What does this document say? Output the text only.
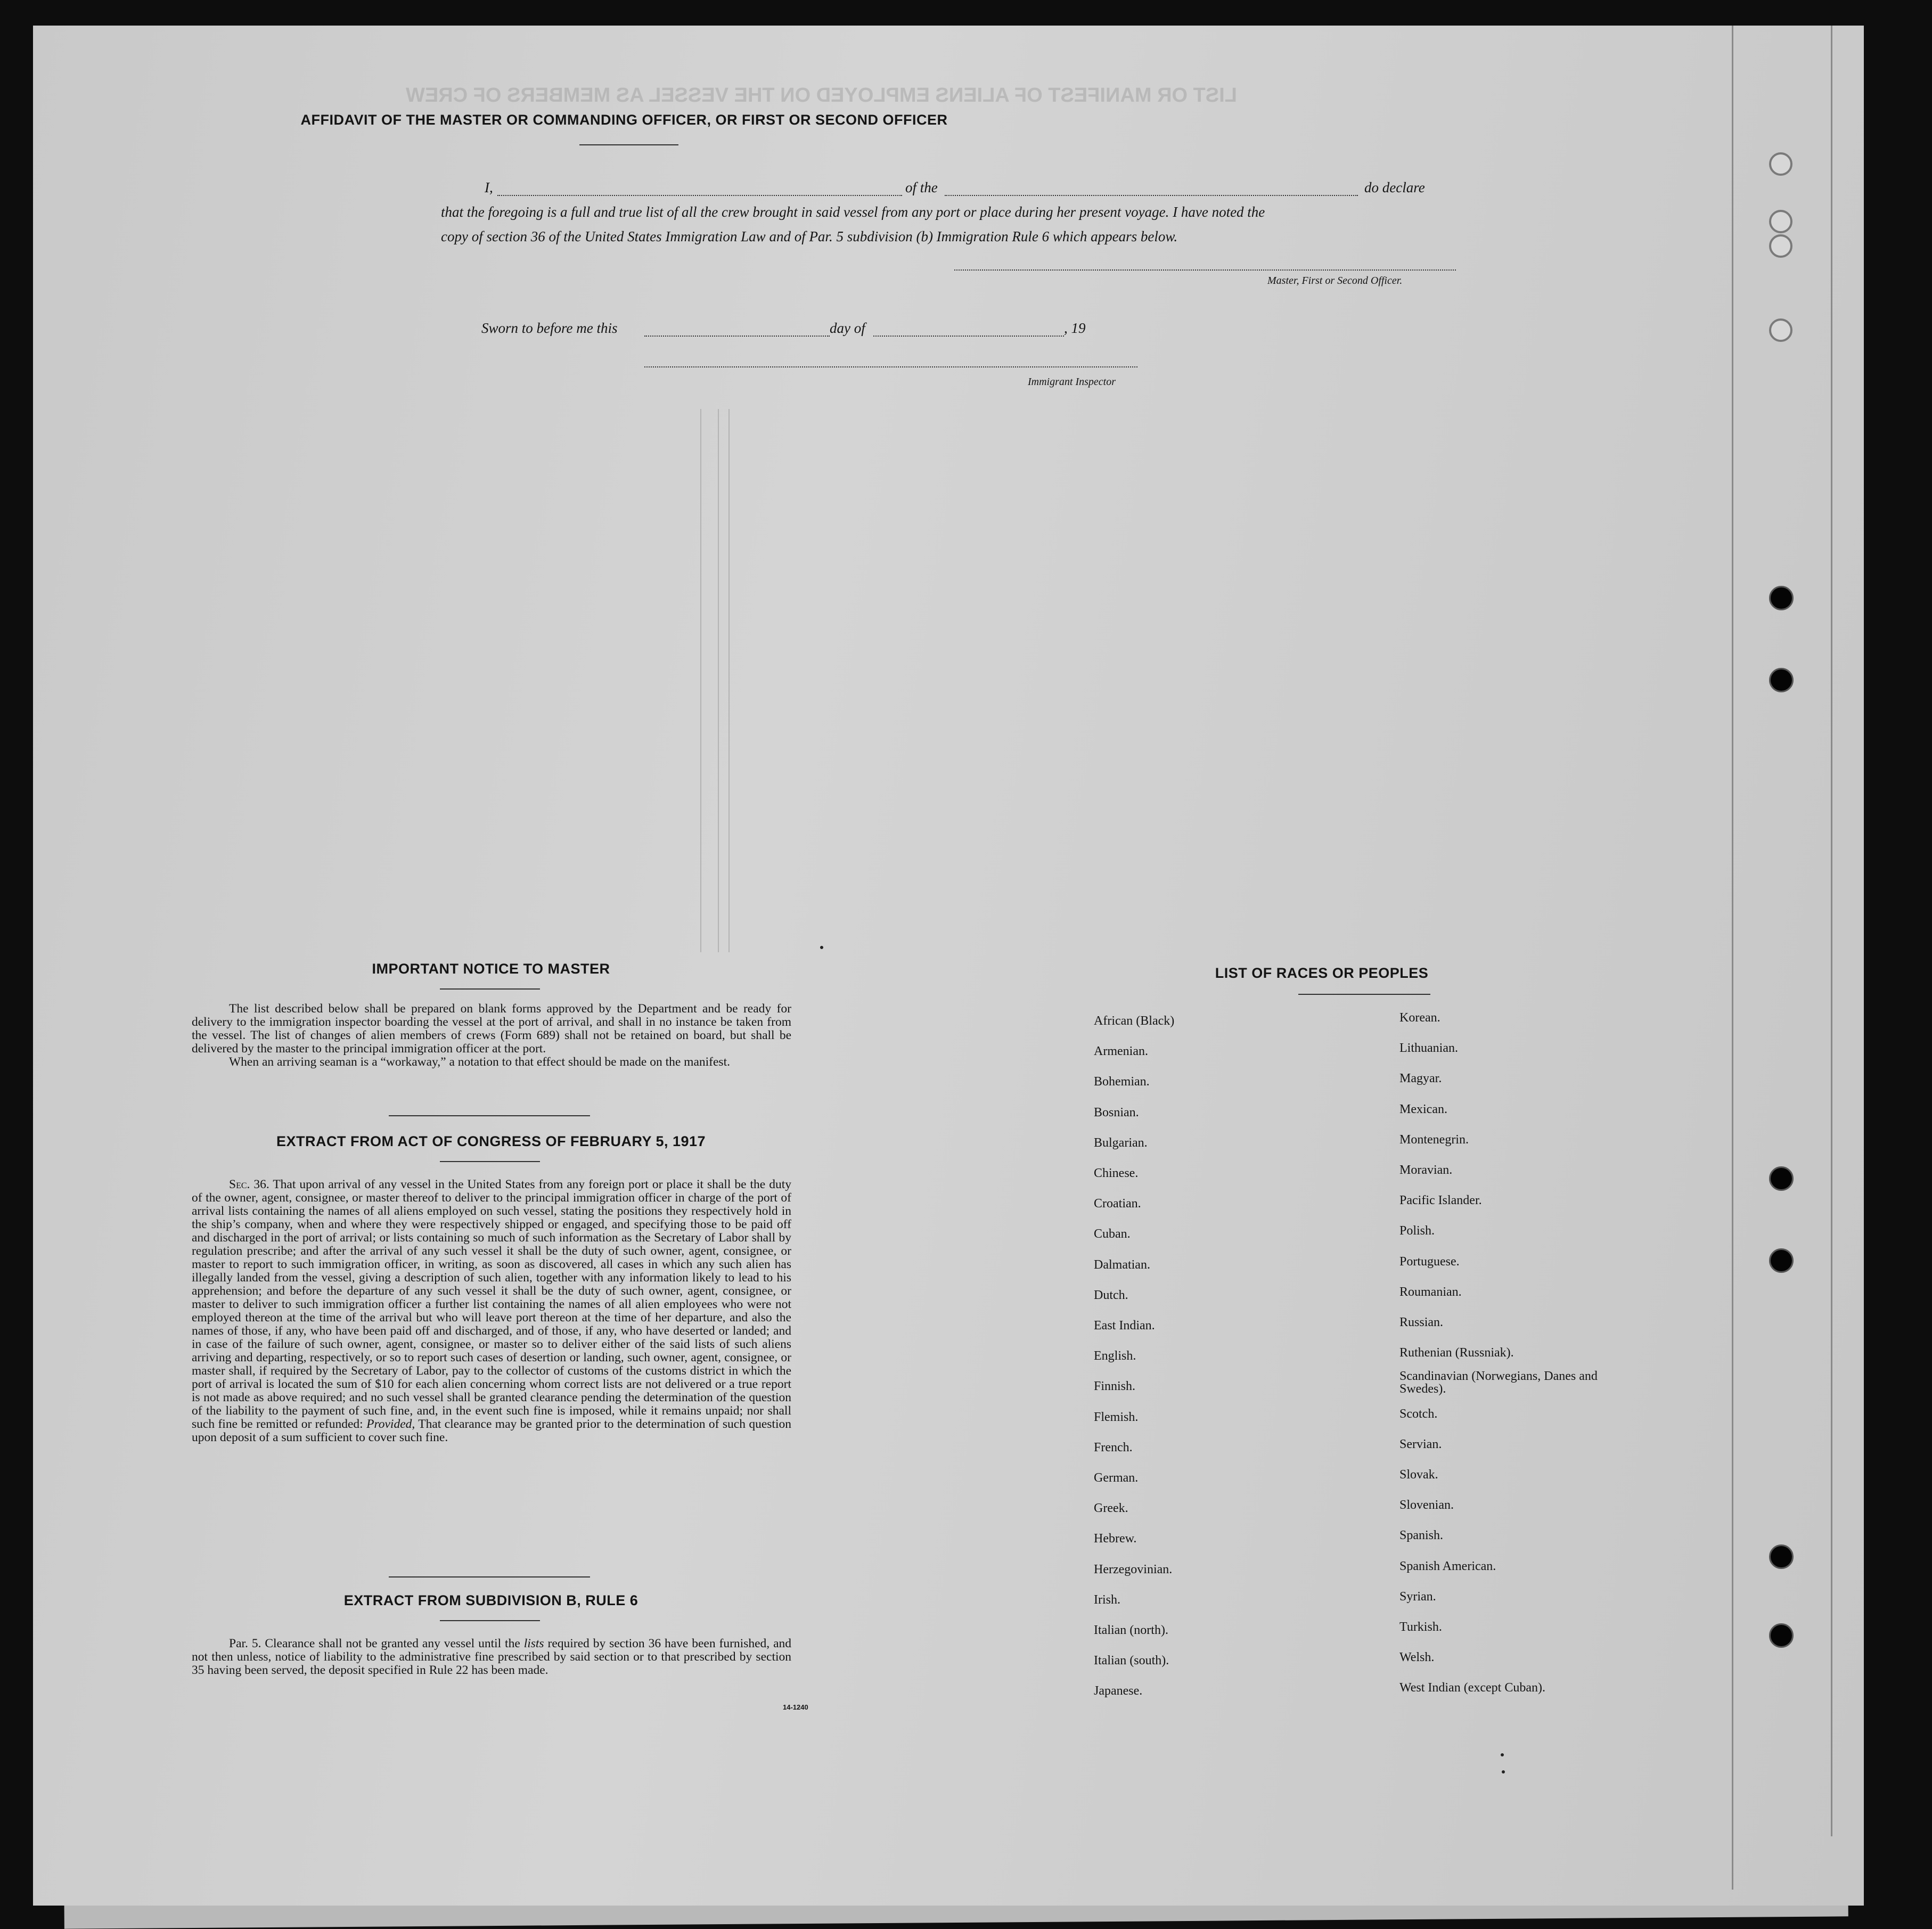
LIST OR MANIFEST OF ALIENS EMPLOYED ON THE VESSEL AS MEMBERS OF CREW
AFFIDAVIT OF THE MASTER OR COMMANDING OFFICER, OR FIRST OR SECOND OFFICER
I,	of the	do declare
that the foregoing is a full and true list of all the crew brought in said vessel from any port or place during her present voyage. I have noted the
copy of section 36 of the United States Immigration Law and of Par. 5 subdivision (b) Immigration Rule 6 which appears below.
Master, First or Second Officer.
Sworn to before me this	day of	, 19
Immigrant Inspector
IMPORTANT NOTICE TO MASTER
The list described below shall be prepared on blank forms approved by the Department and be ready for delivery to the immigration inspector boarding the vessel at the port of arrival, and shall in no instance be taken from the vessel. The list of changes of alien members of crews (Form 689) shall not be retained on board, but shall be delivered by the master to the principal immigration officer at the port.
When an arriving seaman is a “workaway,” a notation to that effect should be made on the manifest.
EXTRACT FROM ACT OF CONGRESS OF FEBRUARY 5, 1917
Sec. 36. That upon arrival of any vessel in the United States from any foreign port or place it shall be the duty of the owner, agent, consignee, or master thereof to deliver to the principal immigration officer in charge of the port of arrival lists containing the names of all aliens employed on such vessel, stating the positions they respectively hold in the ship’s company, when and where they were respectively shipped or engaged, and specifying those to be paid off and discharged in the port of arrival; or lists containing so much of such information as the Secretary of Labor shall by regulation prescribe; and after the arrival of any such vessel it shall be the duty of such owner, agent, consignee, or master to report to such immigration officer, in writing, as soon as discovered, all cases in which any such alien has illegally landed from the vessel, giving a description of such alien, together with any information likely to lead to his apprehension; and before the departure of any such vessel it shall be the duty of such owner, agent, consignee, or master to deliver to such immigration officer a further list containing the names of all alien employees who were not employed thereon at the time of the arrival but who will leave port thereon at the time of her departure, and also the names of those, if any, who have been paid off and discharged, and of those, if any, who have deserted or landed; and in case of the failure of such owner, agent, consignee, or master so to deliver either of the said lists of such aliens arriving and departing, respectively, or so to report such cases of desertion or landing, such owner, agent, consignee, or master shall, if required by the Secretary of Labor, pay to the collector of customs of the customs district in which the port of arrival is located the sum of $10 for each alien concerning whom correct lists are not delivered or a true report is not made as above required; and no such vessel shall be granted clearance pending the determination of the question of the liability to the payment of such fine, and, in the event such fine is imposed, while it remains unpaid; nor shall such fine be remitted or refunded: Provided, That clearance may be granted prior to the determination of such question upon deposit of a sum sufficient to cover such fine.
EXTRACT FROM SUBDIVISION B, RULE 6
Par. 5. Clearance shall not be granted any vessel until the lists required by section 36 have been furnished, and not then unless, notice of liability to the administrative fine prescribed by said section or to that prescribed by section 35 having been served, the deposit specified in Rule 22 has been made.
14-1240
LIST OF RACES OR PEOPLES
African (Black)
Armenian.
Bohemian.
Bosnian.
Bulgarian.
Chinese.
Croatian.
Cuban.
Dalmatian.
Dutch.
East Indian.
English.
Finnish.
Flemish.
French.
German.
Greek.
Hebrew.
Herzegovinian.
Irish.
Italian (north).
Italian (south).
Japanese.
Korean.
Lithuanian.
Magyar.
Mexican.
Montenegrin.
Moravian.
Pacific Islander.
Polish.
Portuguese.
Roumanian.
Russian.
Ruthenian (Russniak).
Scandinavian (Norwegians, Danes and Swedes).
Scotch.
Servian.
Slovak.
Slovenian.
Spanish.
Spanish American.
Syrian.
Turkish.
Welsh.
West Indian (except Cuban).
